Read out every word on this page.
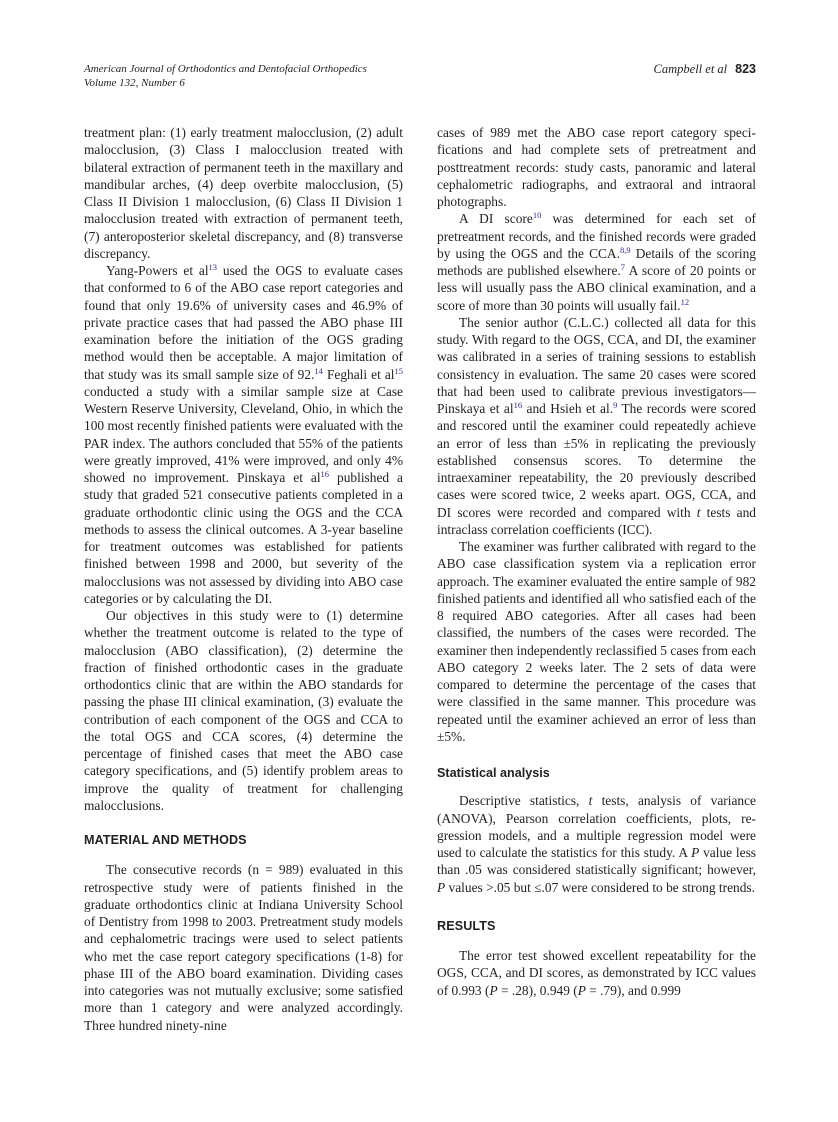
American Journal of Orthodontics and Dentofacial Orthopedics
Volume 132, Number 6
Campbell et al 823

treatment plan: (1) early treatment malocclusion, (2) adult malocclusion, (3) Class I malocclusion treated with bilateral extraction of permanent teeth in the maxillary and mandibular arches, (4) deep overbite malocclusion, (5) Class II Division 1 malocclusion, (6) Class II Division 1 malocclusion treated with extraction of permanent teeth, (7) anteroposterior skeletal discrepancy, and (8) transverse discrepancy.

Yang-Powers et $al^{13}$ used the OGS to evaluate cases that conformed to 6 of the ABO case report categories and found that only 19.6% of university cases and 46.9% of private practice cases that had passed the ABO phase III examination before the initiation of the OGS grading method would then be acceptable. A major limitation of that study was its small sample size of 92.14 Feghali et $al^{15}$ conducted a study with a similar sample size at Case Western Reserve University, Cleveland, Ohio, in which the 100 most recently finished patients were evaluated with the PAR index. The authors concluded that 55% of the patients were greatly improved, 41% were improved, and only 4% showed no improvement. Pinskaya et $al^{16}$ published a study that graded 521 consecutive patients completed in a graduate orthodontic clinic using the OGS and the CCA methods to assess the clinical outcomes. A 3-year baseline for treatment outcomes was established for patients finished between 1998 and 2000, but severity of the malocclusions was not assessed by dividing into ABO case categories or by calculating the DI.

Our objectives in this study were to (1) determine whether the treatment outcome is related to the type of malocclusion (ABO classification), (2) determine the fraction of finished orthodontic cases in the graduate orthodontics clinic that are within the ABO standards for passing the phase III clinical examination, (3) evaluate the contribution of each component of the OGS and CCA to the total OGS and CCA scores, (4) determine the percentage of finished cases that meet the ABO case category specifications, and (5) identify problem areas to improve the quality of treatment for challenging malocclusions.

MATERIAL AND METHODS

The consecutive records (n = 989) evaluated in this retrospective study were of patients finished in the graduate orthodontics clinic at Indiana University School of Dentistry from 1998 to 2003. Pretreatment study models and cephalometric tracings were used to select patients who met the case report category specifications (1-8) for phase III of the ABO board examination. Dividing cases into categories was not mutually exclusive; some satisfied more than 1 category and were analyzed accordingly. Three hundred ninety-nine

cases of 989 met the ABO case report category specifications and had complete sets of pretreatment and posttreatment records: study casts, panoramic and lateral cephalometric radiographs, and extraoral and intraoral photographs.

A DI score$^{10}$ was determined for each set of pretreatment records, and the finished records were graded by using the OGS and the CCA.$^{8,9}$ Details of the scoring methods are published elsewhere.$^7$ A score of 20 points or less will usually pass the ABO clinical examination, and a score of more than 30 points will usually fail.$^{12}$

The senior author (C.L.C.) collected all data for this study. With regard to the OGS, CCA, and DI, the examiner was calibrated in a series of training sessions to establish consistency in evaluation. The same 20 cases were scored that had been used to calibrate previous investigators—Pinskaya et $al^{16}$ and Hsieh et al.$^9$ The records were scored and rescored until the examiner could repeatedly achieve an error of less than ±5% in replicating the previously established consensus scores. To determine the intraexaminer repeatability, the 20 previously described cases were scored twice, 2 weeks apart. OGS, CCA, and DI scores were recorded and compared with t tests and intraclass correlation coefficients (ICC).

The examiner was further calibrated with regard to the ABO case classification system via a replication error approach. The examiner evaluated the entire sample of 982 finished patients and identified all who satisfied each of the 8 required ABO categories. After all cases had been classified, the numbers of the cases were recorded. The examiner then independently reclassified 5 cases from each ABO category 2 weeks later. The 2 sets of data were compared to determine the percentage of the cases that were classified in the same manner. This procedure was repeated until the examiner achieved an error of less than ±5%.

Statistical analysis

Descriptive statistics, t tests, analysis of variance (ANOVA), Pearson correlation coefficients, plots, regression models, and a multiple regression model were used to calculate the statistics for this study. A P value less than .05 was considered statistically significant; however, P values >.05 but ≤.07 were considered to be strong trends.

RESULTS

The error test showed excellent repeatability for the OGS, CCA, and DI scores, as demonstrated by ICC values of 0.993 (P = .28), 0.949 (P = .79), and 0.999
